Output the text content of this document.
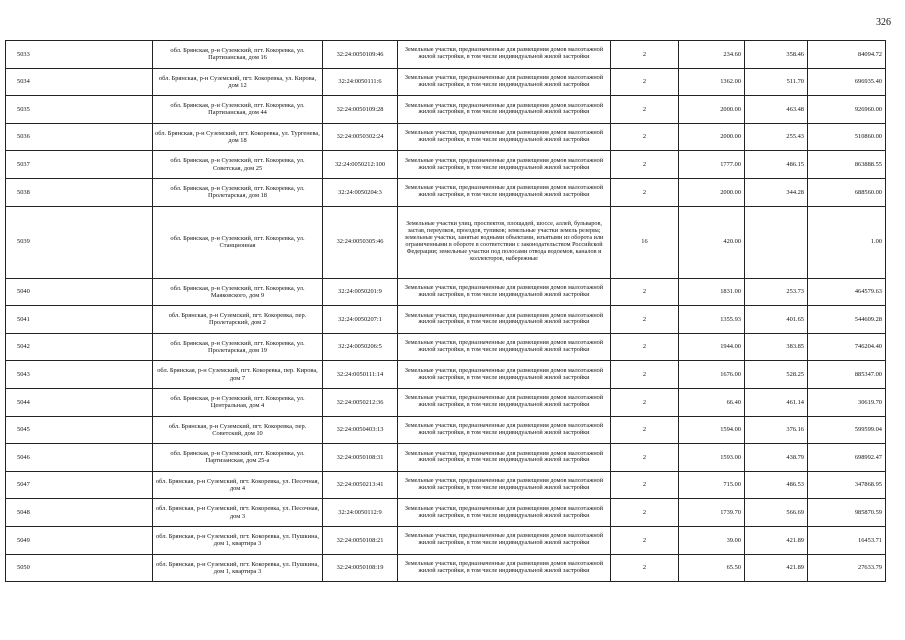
326
5033	обл. Брянская, р-н Суземский, пгт. Кокоревка, ул. Партизанская, дом 16	32:24:0050109:46	Земельные участки, предназначенные для размещения домов малоэтажной жилой застройки, в том числе индивидуальной жилой застройки	2	234.60	358.46	84094.72
5034	обл. Брянская, р-н Суземский, пгт. Кокоревка, ул. Кирова, дом 12	32:24:0050111:6	Земельные участки, предназначенные для размещения домов малоэтажной жилой застройки, в том числе индивидуальной жилой застройки	2	1362.00	511.70	696935.40
5035	обл. Брянская, р-н Суземский, пгт. Кокоревка, ул. Партизанская, дом 44	32:24:0050109:28	Земельные участки, предназначенные для размещения домов малоэтажной жилой застройки, в том числе индивидуальной жилой застройки	2	2000.00	463.48	926960.00
5036	обл. Брянская, р-н Суземский, пгт. Кокоревка, ул. Тургенева, дом 18	32:24:0050302:24	Земельные участки, предназначенные для размещения домов малоэтажной жилой застройки, в том числе индивидуальной жилой застройки	2	2000.00	255.43	510860.00
5037	обл. Брянская, р-н Суземский, пгт. Кокоревка, ул. Советская, дом 25	32:24:0050212:100	Земельные участки, предназначенные для размещения домов малоэтажной жилой застройки, в том числе индивидуальной жилой застройки	2	1777.00	486.15	863888.55
5038	обл. Брянская, р-н Суземский, пгт. Кокоревка, ул. Пролетарская, дом 18	32:24:0050204:3	Земельные участки, предназначенные для размещения домов малоэтажной жилой застройки, в том числе индивидуальной жилой застройки	2	2000.00	344.28	688560.00
5039	обл. Брянская, р-н Суземский, пгт. Кокоревка, ул. Станционная	32:24:0050305:46	Земельные участки улиц, проспектов, площадей, шоссе, аллей, бульваров, застав, переулков, проездов, тупиков; земельные участки земель резерва; земельные участки, занятые водными объектами, изъятыми из оборота или ограниченными в обороте в соответствии с законодательством Российской Федерации; земельные участки под полосами отвода водоемов, каналов и коллекторов, набережные	16	420.00		1.00
5040	обл. Брянская, р-н Суземский, пгт. Кокоревка, ул. Маяковского, дом 9	32:24:0050201:9	Земельные участки, предназначенные для размещения домов малоэтажной жилой застройки, в том числе индивидуальной жилой застройки	2	1831.00	253.73	464579.63
5041	обл. Брянская, р-н Суземский, пгт. Кокоревка, пер. Пролетарский, дом 2	32:24:0050207:1	Земельные участки, предназначенные для размещения домов малоэтажной жилой застройки, в том числе индивидуальной жилой застройки	2	1355.93	401.65	544609.28
5042	обл. Брянская, р-н Суземский, пгт. Кокоревка, ул. Пролетарская, дом 19	32:24:0050206:5	Земельные участки, предназначенные для размещения домов малоэтажной жилой застройки, в том числе индивидуальной жилой застройки	2	1944.00	383.85	746204.40
5043	обл. Брянская, р-н Суземский, пгт. Кокоревка, пер. Кирова, дом 7	32:24:0050111:14	Земельные участки, предназначенные для размещения домов малоэтажной жилой застройки, в том числе индивидуальной жилой застройки	2	1676.00	528.25	885347.00
5044	обл. Брянская, р-н Суземский, пгт. Кокоревка, ул. Центральная, дом 4	32:24:0050212:36	Земельные участки, предназначенные для размещения домов малоэтажной жилой застройки, в том числе индивидуальной жилой застройки	2	66.40	461.14	30619.70
5045	обл. Брянская, р-н Суземский, пгт. Кокоревка, пер. Советский, дом 10	32:24:0050403:13	Земельные участки, предназначенные для размещения домов малоэтажной жилой застройки, в том числе индивидуальной жилой застройки	2	1594.00	376.16	599599.04
5046	обл. Брянская, р-н Суземский, пгт. Кокоревка, ул. Партизанская, дом 25-а	32:24:0050108:31	Земельные участки, предназначенные для размещения домов малоэтажной жилой застройки, в том числе индивидуальной жилой застройки	2	1593.00	438.79	698992.47
5047	обл. Брянская, р-н Суземский, пгт. Кокоревка, ул. Песочная, дом 4	32:24:0050213:41	Земельные участки, предназначенные для размещения домов малоэтажной жилой застройки, в том числе индивидуальной жилой застройки	2	715.00	486.53	347868.95
5048	обл. Брянская, р-н Суземский, пгт. Кокоревка, ул. Песочная, дом 3	32:24:0050112:9	Земельные участки, предназначенные для размещения домов малоэтажной жилой застройки, в том числе индивидуальной жилой застройки	2	1739.70	566.69	985870.59
5049	обл. Брянская, р-н Суземский, пгт. Кокоревка, ул. Пушкина, дом 1, квартира 3	32:24:0050108:21	Земельные участки, предназначенные для размещения домов малоэтажной жилой застройки, в том числе индивидуальной жилой застройки	2	39.00	421.89	16453.71
5050	обл. Брянская, р-н Суземский, пгт. Кокоревка, ул. Пушкина, дом 1, квартира 3	32:24:0050108:19	Земельные участки, предназначенные для размещения домов малоэтажной жилой застройки, в том числе индивидуальной жилой застройки	2	65.50	421.89	27633.79
